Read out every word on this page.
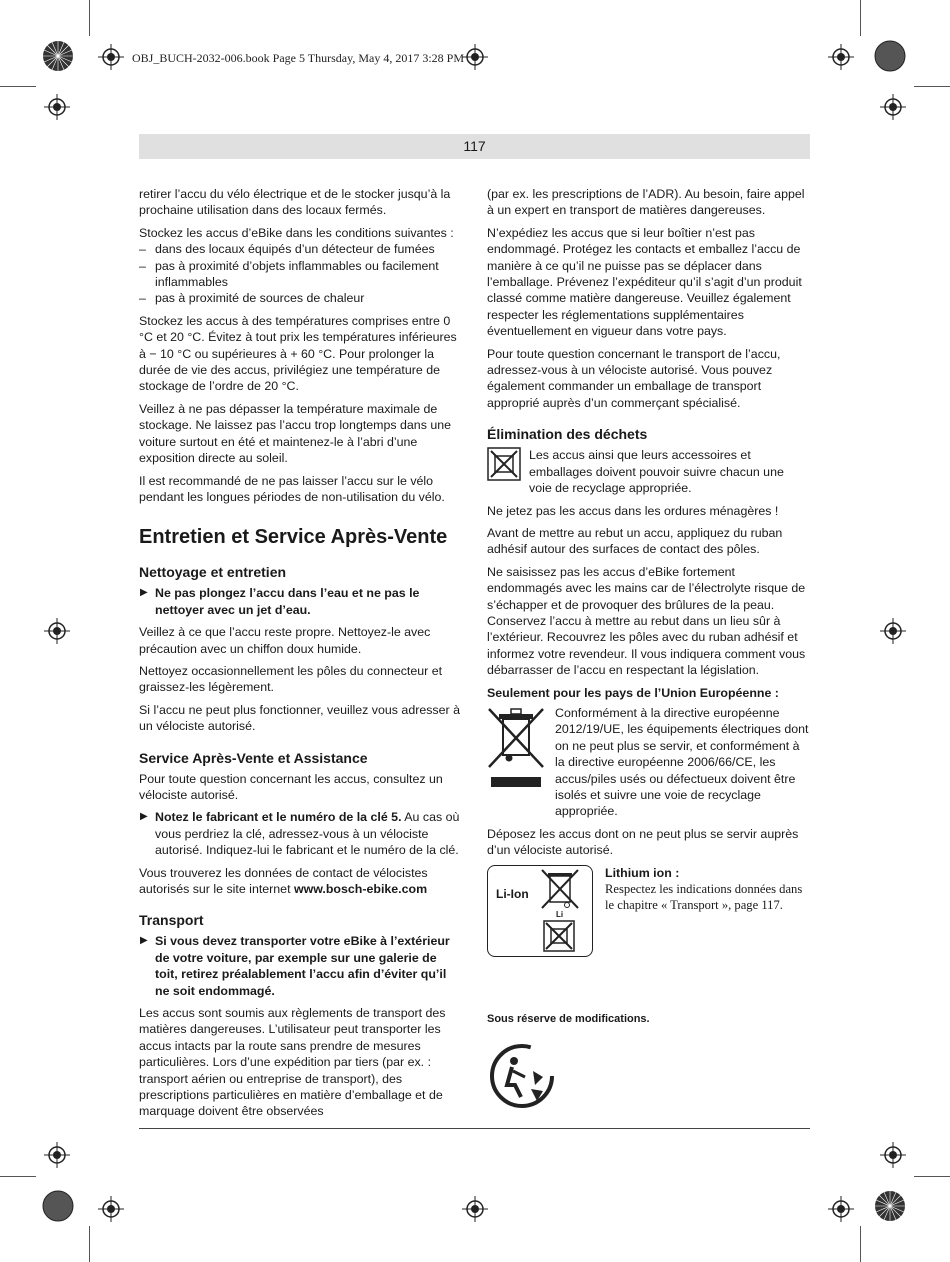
OBJ_BUCH-2032-006.book Page 5 Thursday, May 4, 2017 3:28 PM
117

retirer l’accu du vélo électrique et de le stocker jusqu’à la prochaine utilisation dans des locaux fermés.

Stockez les accus d’eBike dans les conditions suivantes :

– dans des locaux équipés d’un détecteur de fumées
– pas à proximité d’objets inflammables ou facilement inflammables
– pas à proximité de sources de chaleur

Stockez les accus à des températures comprises entre 0 °C et 20 °C. Évitez à tout prix les températures inférieures à − 10 °C ou supérieures à + 60 °C. Pour prolonger la durée de vie des accus, privilégiez une température de stockage de l’ordre de 20 °C.

Veillez à ne pas dépasser la température maximale de stockage. Ne laissez pas l’accu trop longtemps dans une voiture surtout en été et maintenez-le à l’abri d’une exposition directe au soleil.

Il est recommandé de ne pas laisser l’accu sur le vélo pendant les longues périodes de non-utilisation du vélo.

Entretien et Service Après-Vente
Nettoyage et entretien
▶ Ne pas plongez l’accu dans l’eau et ne pas le nettoyer avec un jet d’eau.

Veillez à ce que l’accu reste propre. Nettoyez-le avec précaution avec un chiffon doux humide.

Nettoyez occasionnellement les pôles du connecteur et graissez-les légèrement.

Si l’accu ne peut plus fonctionner, veuillez vous adresser à un vélociste autorisé.

Service Après-Vente et Assistance

Pour toute question concernant les accus, consultez un vélociste autorisé.

▶ Notez le fabricant et le numéro de la clé 5. Au cas où vous perdriez la clé, adressez-vous à un vélociste autorisé. Indiquez-lui le fabricant et le numéro de la clé.

Vous trouverez les données de contact de vélocistes autorisés sur le site internet www.bosch-ebike.com

Transport
▶ Si vous devez transporter votre eBike à l’extérieur de votre voiture, par exemple sur une galerie de toit, retirez préalablement l’accu afin d’éviter qu’il ne soit endommagé.

Les accus sont soumis aux règlements de transport des matières dangereuses. L’utilisateur peut transporter les accus intacts par la route sans prendre de mesures particulières. Lors d’une expédition par tiers (par ex. : transport aérien ou entreprise de transport), des prescriptions particulières en matière d’emballage et de marquage doivent être observées

(par ex. les prescriptions de l’ADR). Au besoin, faire appel à un expert en transport de matières dangereuses.

N’expédiez les accus que si leur boîtier n’est pas endommagé. Protégez les contacts et emballez l’accu de manière à ce qu’il ne puisse pas se déplacer dans l’emballage. Prévenez l’expéditeur qu’il s’agit d’un produit classé comme matière dangereuse. Veuillez également respecter les réglementations supplémentaires éventuellement en vigueur dans votre pays.

Pour toute question concernant le transport de l’accu, adressez-vous à un vélociste autorisé. Vous pouvez également commander un emballage de transport approprié auprès d’un commerçant spécialisé.

Élimination des déchets
Les accus ainsi que leurs accessoires et emballages doivent pouvoir suivre chacun une voie de recyclage appropriée.

Ne jetez pas les accus dans les ordures ménagères !

Avant de mettre au rebut un accu, appliquez du ruban adhésif autour des surfaces de contact des pôles.

Ne saisissez pas les accus d’eBike fortement endommagés avec les mains car de l’électrolyte risque de s’échapper et de provoquer des brûlures de la peau. Conservez l’accu à mettre au rebut dans un lieu sûr à l’extérieur. Recouvrez les pôles avec du ruban adhésif et informez votre revendeur. Il vous indiquera comment vous débarrasser de l’accu en respectant la législation.

Seulement pour les pays de l’Union Européenne :
Conformément à la directive européenne 2012/19/UE, les équipements électriques dont on ne peut plus se servir, et conformément à la directive européenne 2006/66/CE, les accus/piles usés ou défectueux doivent être isolés et suivre une voie de recyclage appropriée.

Déposez les accus dont on ne peut plus se servir auprès d’un vélociste autorisé.

Li-Ion
Li
Lithium ion :
Respectez les indications données dans le chapitre « Transport », page 117.
Sous réserve de modifications.
